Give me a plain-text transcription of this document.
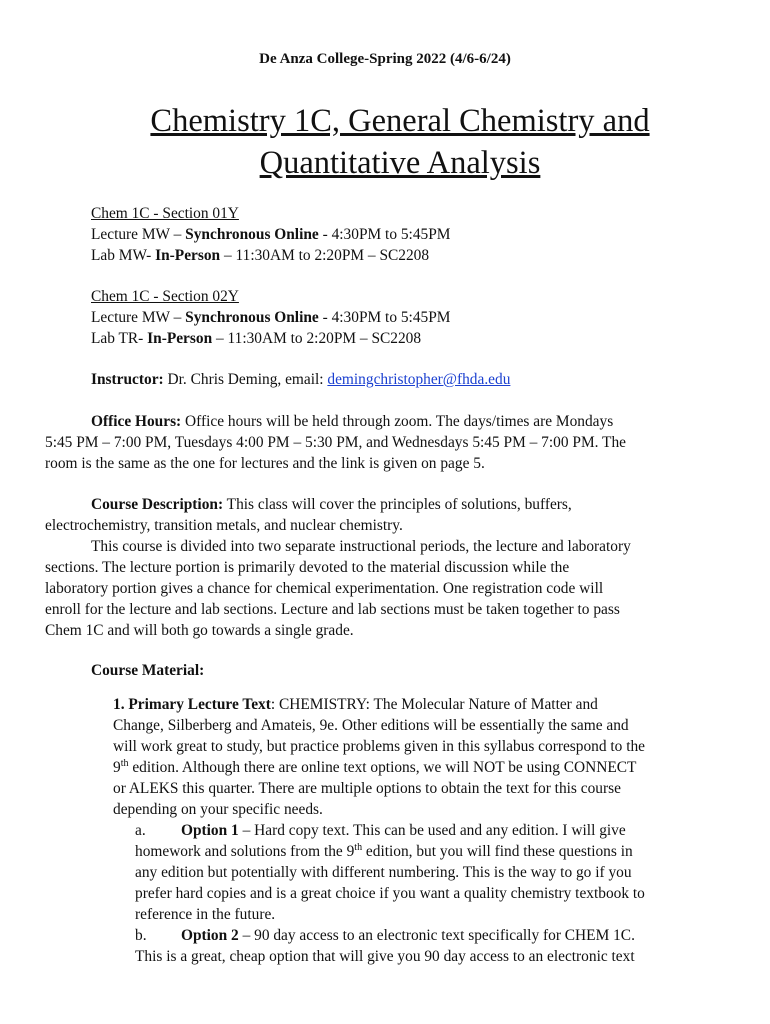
De Anza College-Spring 2022 (4/6-6/24)
Chemistry 1C, General Chemistry and
Quantitative Analysis
Chem 1C - Section 01Y
Lecture MW – Synchronous Online - 4:30PM to 5:45PM
Lab MW- In-Person – 11:30AM to 2:20PM – SC2208
Chem 1C - Section 02Y
Lecture MW – Synchronous Online - 4:30PM to 5:45PM
Lab TR- In-Person – 11:30AM to 2:20PM – SC2208
Instructor: Dr. Chris Deming, email: demingchristopher@fhda.edu
Office Hours: Office hours will be held through zoom. The days/times are Mondays
5:45 PM – 7:00 PM, Tuesdays 4:00 PM – 5:30 PM, and Wednesdays 5:45 PM – 7:00 PM. The
room is the same as the one for lectures and the link is given on page 5.
Course Description: This class will cover the principles of solutions, buffers,
electrochemistry, transition metals, and nuclear chemistry.
This course is divided into two separate instructional periods, the lecture and laboratory
sections. The lecture portion is primarily devoted to the material discussion while the
laboratory portion gives a chance for chemical experimentation. One registration code will
enroll for the lecture and lab sections. Lecture and lab sections must be taken together to pass
Chem 1C and will both go towards a single grade.
Course Material:
1. Primary Lecture Text: CHEMISTRY: The Molecular Nature of Matter and
Change, Silberberg and Amateis, 9e. Other editions will be essentially the same and
will work great to study, but practice problems given in this syllabus correspond to the
9th edition. Although there are online text options, we will NOT be using CONNECT
or ALEKS this quarter. There are multiple options to obtain the text for this course
depending on your specific needs.
a. Option 1 – Hard copy text. This can be used and any edition. I will give
homework and solutions from the 9th edition, but you will find these questions in
any edition but potentially with different numbering. This is the way to go if you
prefer hard copies and is a great choice if you want a quality chemistry textbook to
reference in the future.
b. Option 2 – 90 day access to an electronic text specifically for CHEM 1C.
This is a great, cheap option that will give you 90 day access to an electronic text
